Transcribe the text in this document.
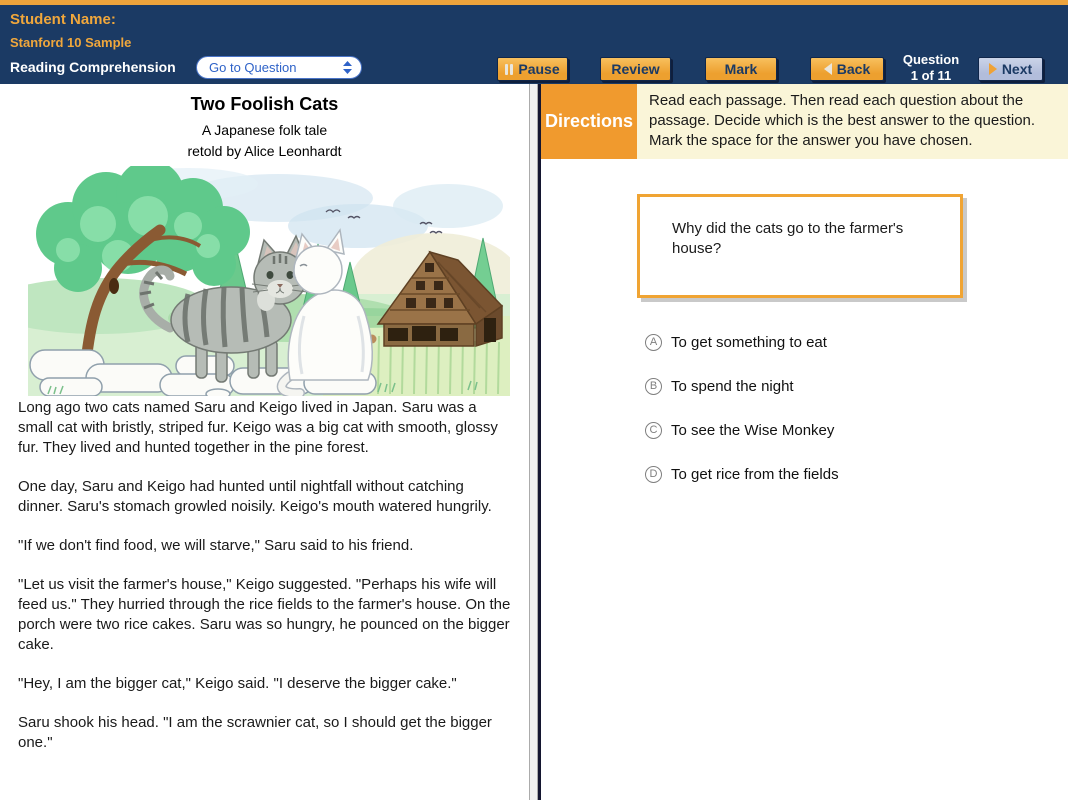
Student Name:
Stanford 10 Sample
Reading Comprehension	Go to Question	Pause	Review	Mark	Back
Question
1 of 11	Next
Two Foolish Cats
A Japanese folk tale
retold by Alice Leonhardt

Long ago two cats named Saru and Keigo lived in Japan. Saru was a small cat with bristly, striped fur. Keigo was a big cat with smooth, glossy fur. They lived and hunted together in the pine forest.

One day, Saru and Keigo had hunted until nightfall without catching dinner. Saru's stomach growled noisily. Keigo's mouth watered hungrily.

"If we don't find food, we will starve," Saru said to his friend.

"Let us visit the farmer's house," Keigo suggested. "Perhaps his wife will feed us." They hurried through the rice fields to the farmer's house. On the porch were two rice cakes. Saru was so hungry, he pounced on the bigger cake.

"Hey, I am the bigger cat," Keigo said. "I deserve the bigger cake."

Saru shook his head. "I am the scrawnier cat, so I should get the bigger one."

Directions
Read each passage. Then read each question about the passage. Decide which is the best answer to the question. Mark the space for the answer you have chosen.
Why did the cats go to the farmer's house?
A To get something to eat
B To spend the night
C To see the Wise Monkey
D To get rice from the fields
